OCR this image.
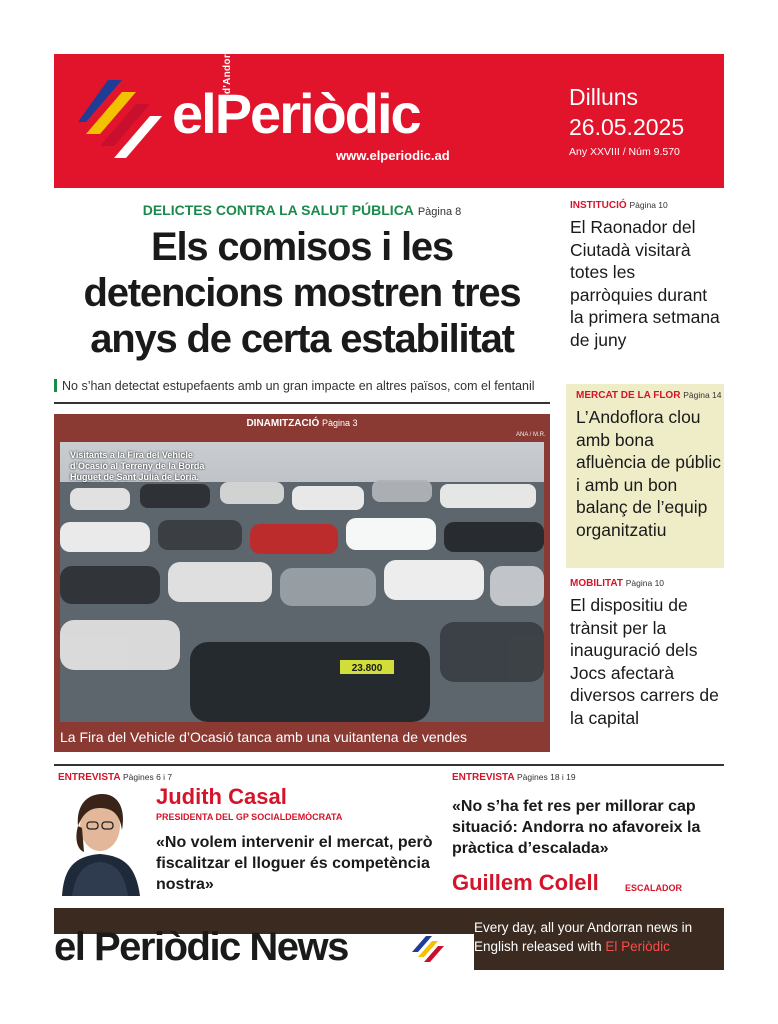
elPeriòdic
d'Andorra
www.elperiodic.ad
Dilluns
26.05.2025
Any XXVIII / Núm 9.570
DELICTES CONTRA LA SALUT PÚBLICA Pàgina 8
Els comisos i les detencions mostren tres anys de certa estabilitat
No s’han detectat estupefaents amb un gran impacte en altres països, com el fentanil
DINAMITZACIÓ Pàgina 3
ANA / M.R.
23.800
Visitants a la Fira del Vehicle d’Ocasió al Terreny de la Borda Huguet de Sant Julià de Lòria.
La Fira del Vehicle d’Ocasió tanca amb una vuitantena de vendes
INSTITUCIÓ Pàgina 10
El Raonador del Ciutadà visitarà totes les parròquies durant la primera setmana de juny
MERCAT DE LA FLOR Pàgina 14
L’Andoflora clou amb bona afluència de públic i amb un bon balanç de l’equip organitzatiu
MOBILITAT Pàgina 10
El dispositiu de trànsit per la inauguració dels Jocs afectarà diversos carrers de la capital
ENTREVISTA Pàgines 6 i 7
Judith Casal
PRESIDENTA DEL GP SOCIALDEMÒCRATA
«No volem intervenir el mercat, però fiscalitzar el lloguer és competència nostra»
ENTREVISTA Pàgines 18 i 19
«No s’ha fet res per millorar cap situació: Andorra no afavoreix la pràctica d’escalada»
Guillem Colell	ESCALADOR
el Periòdic News	Every day, all your Andorran news in English released with El Periòdic
